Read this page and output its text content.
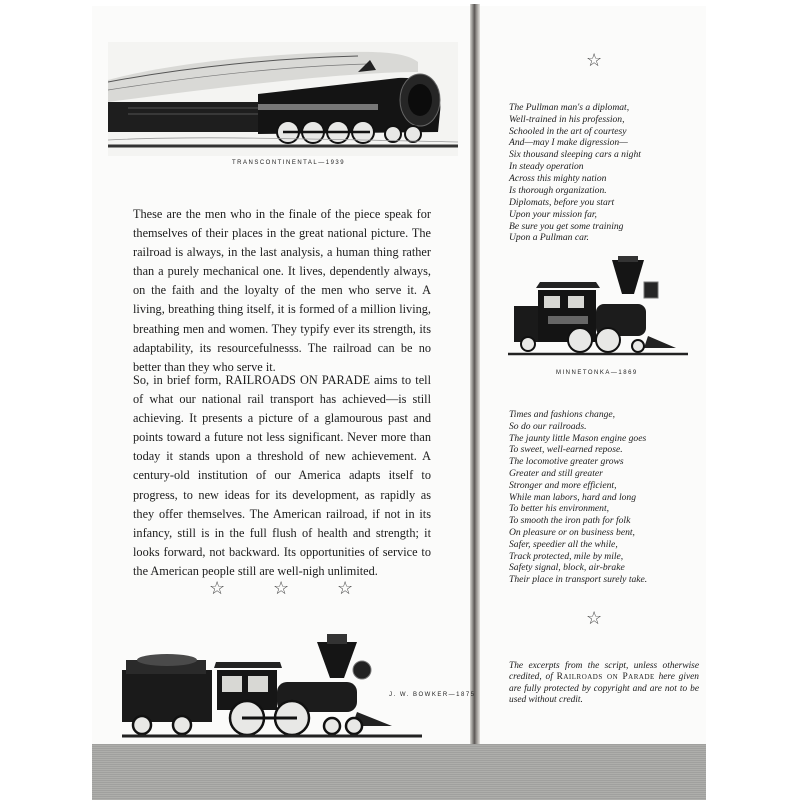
TRANSCONTINENTAL—1939

These are the men who in the finale of the piece speak for themselves of their places in the great national picture. The railroad is always, in the last analysis, a human thing rather than a purely mechanical one. It lives, dependently always, on the faith and the loyalty of the men who serve it. A living, breathing thing itself, it is formed of a million living, breathing men and women. They typify ever its strength, its adaptability, its resourcefulnesss. The railroad can be no better than they who serve it.

So, in brief form, RAILROADS ON PARADE aims to tell of what our national rail transport has achieved—is still achieving. It presents a picture of a glamourous past and points toward a future not less significant. Never more than today it stands upon a threshold of new achievement. A century-old institution of our America adapts itself to progress, to new ideas for its development, as rapidly as they offer themselves. The American railroad, if not in its infancy, still is in the full flush of health and strength; it looks forward, not backward. Its opportunities of service to the American people still are well-nigh unlimited.

☆	☆	☆
J. W. BOWKER—1875
☆
The Pullman man's a diplomat,
Well-trained in his profession,
Schooled in the art of courtesy
And—may I make digression—
Six thousand sleeping cars a night
In steady operation
Across this mighty nation
Is thorough organization.
Diplomats, before you start
Upon your mission far,
Be sure you get some training
Upon a Pullman car.
MINNETONKA—1869
Times and fashions change,
So do our railroads.
The jaunty little Mason engine goes
To sweet, well-earned repose.
The locomotive greater grows
Greater and still greater
Stronger and more efficient,
While man labors, hard and long
To better his environment,
To smooth the iron path for folk
On pleasure or on business bent,
Safer, speedier all the while,
Track protected, mile by mile,
Safety signal, block, air-brake
Their place in transport surely take.
☆

The excerpts from the script, unless otherwise credited, of Railroads on Parade here given are fully protected by copyright and are not to be used without credit.
